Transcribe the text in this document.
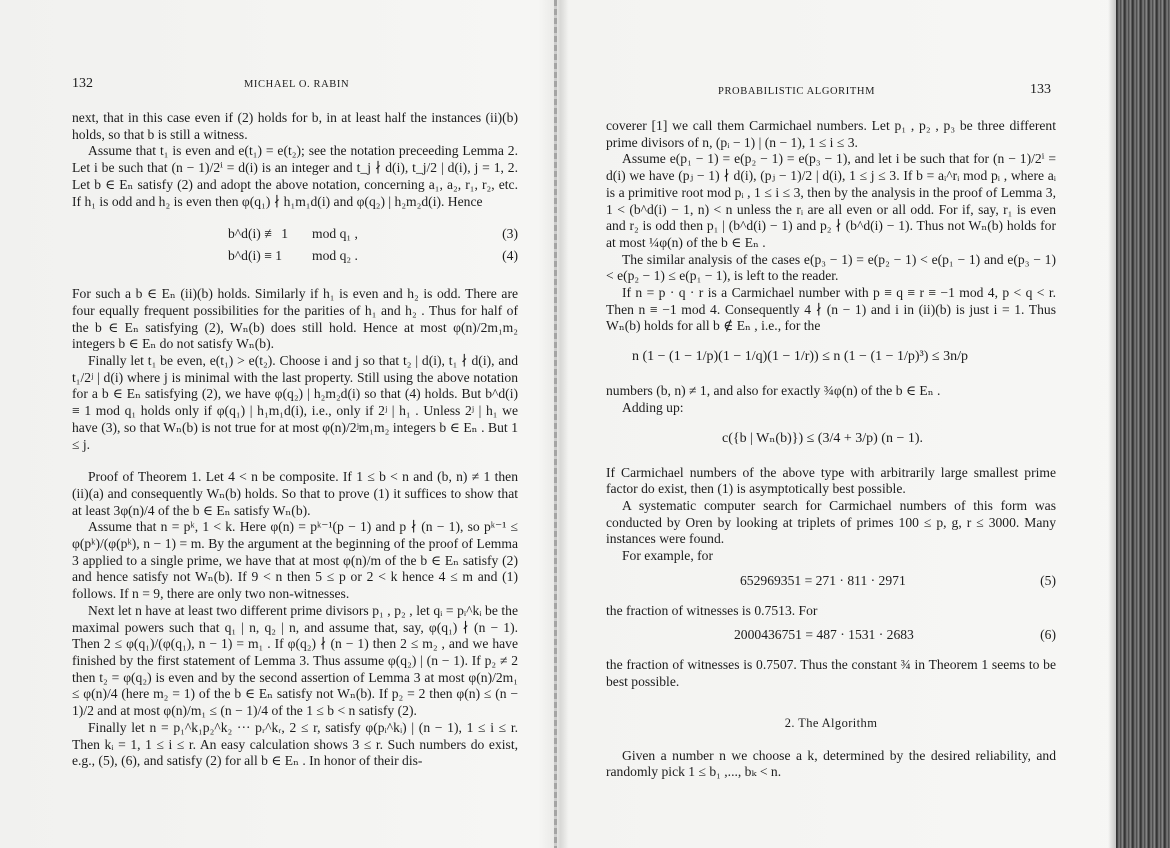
132	MICHAEL O. RABIN

next, that in this case even if (2) holds for b, in at least half the instances (ii)(b) holds, so that b is still a witness.

Assume that t₁ is even and e(t₁) = e(t₂); see the notation preceeding Lemma 2. Let i be such that (n − 1)/2ⁱ = d(i) is an integer and t_j ∤ d(i), t_j/2 | d(i), j = 1, 2. Let b ∈ Eₙ satisfy (2) and adopt the above notation, concerning a₁, a₂, r₁, r₂, etc. If h₁ is odd and h₂ is even then φ(q₁) ∤ h₁m₁d(i) and φ(q₂) | h₂m₂d(i). Hence

b^d(i) ≢ 1 mod q₁ ,	(3)
b^d(i) ≡ 1 mod q₂ .	(4)

For such a b ∈ Eₙ (ii)(b) holds. Similarly if h₁ is even and h₂ is odd. There are four equally frequent possibilities for the parities of h₁ and h₂ . Thus for half of the b ∈ Eₙ satisfying (2), Wₙ(b) does still hold. Hence at most φ(n)/2m₁m₂ integers b ∈ Eₙ do not satisfy Wₙ(b).

Finally let t₁ be even, e(t₁) > e(t₂). Choose i and j so that t₂ | d(i), t₁ ∤ d(i), and t₁/2ʲ | d(i) where j is minimal with the last property. Still using the above notation for a b ∈ Eₙ satisfying (2), we have φ(q₂) | h₂m₂d(i) so that (4) holds. But b^d(i) ≡ 1 mod q₁ holds only if φ(q₁) | h₁m₁d(i), i.e., only if 2ʲ | h₁ . Unless 2ʲ | h₁ we have (3), so that Wₙ(b) is not true for at most φ(n)/2ʲm₁m₂ integers b ∈ Eₙ . But 1 ≤ j.

Proof of Theorem 1. Let 4 < n be composite. If 1 ≤ b < n and (b, n) ≠ 1 then (ii)(a) and consequently Wₙ(b) holds. So that to prove (1) it suffices to show that at least 3φ(n)/4 of the b ∈ Eₙ satisfy Wₙ(b).

Assume that n = pᵏ, 1 < k. Here φ(n) = pᵏ⁻¹(p − 1) and p ∤ (n − 1), so pᵏ⁻¹ ≤ φ(pᵏ)/(φ(pᵏ), n − 1) = m. By the argument at the beginning of the proof of Lemma 3 applied to a single prime, we have that at most φ(n)/m of the b ∈ Eₙ satisfy (2) and hence satisfy not Wₙ(b). If 9 < n then 5 ≤ p or 2 < k hence 4 ≤ m and (1) follows. If n = 9, there are only two non-witnesses.

Next let n have at least two different prime divisors p₁ , p₂ , let qᵢ = pᵢ^kᵢ be the maximal powers such that q₁ | n, q₂ | n, and assume that, say, φ(q₁) ∤ (n − 1). Then 2 ≤ φ(q₁)/(φ(q₁), n − 1) = m₁ . If φ(q₂) ∤ (n − 1) then 2 ≤ m₂ , and we have finished by the first statement of Lemma 3. Thus assume φ(q₂) | (n − 1). If p₂ ≠ 2 then t₂ = φ(q₂) is even and by the second assertion of Lemma 3 at most φ(n)/2m₁ ≤ φ(n)/4 (here m₂ = 1) of the b ∈ Eₙ satisfy not Wₙ(b). If p₂ = 2 then φ(n) ≤ (n − 1)/2 and at most φ(n)/m₁ ≤ (n − 1)/4 of the 1 ≤ b < n satisfy (2).

Finally let n = p₁^k₁p₂^k₂ ··· pᵣ^kᵣ, 2 ≤ r, satisfy φ(pᵢ^kᵢ) | (n − 1), 1 ≤ i ≤ r. Then kᵢ = 1, 1 ≤ i ≤ r. An easy calculation shows 3 ≤ r. Such numbers do exist, e.g., (5), (6), and satisfy (2) for all b ∈ Eₙ . In honor of their dis-

PROBABILISTIC ALGORITHM	133

coverer [1] we call them Carmichael numbers. Let p₁ , p₂ , p₃ be three different prime divisors of n, (pᵢ − 1) | (n − 1), 1 ≤ i ≤ 3.

Assume e(p₁ − 1) = e(p₂ − 1) = e(p₃ − 1), and let i be such that for (n − 1)/2ⁱ = d(i) we have (pⱼ − 1) ∤ d(i), (pⱼ − 1)/2 | d(i), 1 ≤ j ≤ 3. If b = aᵢ^rᵢ mod pᵢ , where aᵢ is a primitive root mod pᵢ , 1 ≤ i ≤ 3, then by the analysis in the proof of Lemma 3, 1 < (b^d(i) − 1, n) < n unless the rᵢ are all even or all odd. For if, say, r₁ is even and r₂ is odd then p₁ | (b^d(i) − 1) and p₂ ∤ (b^d(i) − 1). Thus not Wₙ(b) holds for at most ¼φ(n) of the b ∈ Eₙ .

The similar analysis of the cases e(p₃ − 1) = e(p₂ − 1) < e(p₁ − 1) and e(p₃ − 1) < e(p₂ − 1) ≤ e(p₁ − 1), is left to the reader.

If n = p · q · r is a Carmichael number with p ≡ q ≡ r ≡ −1 mod 4, p < q < r. Then n ≡ −1 mod 4. Consequently 4 ∤ (n − 1) and i in (ii)(b) is just i = 1. Thus Wₙ(b) holds for all b ∉ Eₙ , i.e., for the

n (1 − (1 − 1/p)(1 − 1/q)(1 − 1/r)) ≤ n (1 − (1 − 1/p)³) ≤ 3n/p

numbers (b, n) ≠ 1, and also for exactly ¾φ(n) of the b ∈ Eₙ .

Adding up:

c({b | Wₙ(b)}) ≤ (3/4 + 3/p) (n − 1).

If Carmichael numbers of the above type with arbitrarily large smallest prime factor do exist, then (1) is asymptotically best possible.

A systematic computer search for Carmichael numbers of this form was conducted by Oren by looking at triplets of primes 100 ≤ p, g, r ≤ 3000. Many instances were found.

For example, for

652969351 = 271 · 811 · 2971	(5)

the fraction of witnesses is 0.7513. For

2000436751 = 487 · 1531 · 2683	(6)

the fraction of witnesses is 0.7507. Thus the constant ¾ in Theorem 1 seems to be best possible.

2. The Algorithm

Given a number n we choose a k, determined by the desired reliability, and randomly pick 1 ≤ b₁ ,..., bₖ < n.
